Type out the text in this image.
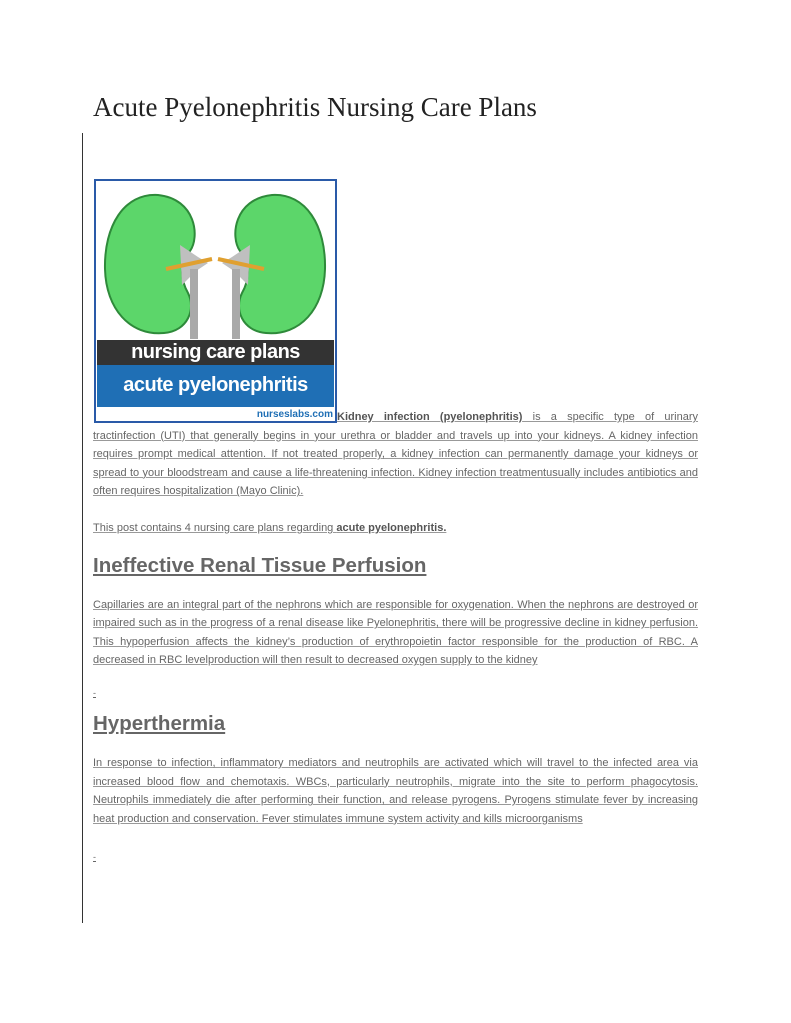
Acute Pyelonephritis Nursing Care Plans
nursing care plans
acute pyelonephritis
nurseslabs.com Kidney infection (pyelonephritis) is a specific type of urinary tractinfection (UTI) that generally begins in your urethra or bladder and travels up into your kidneys. A kidney infection requires prompt medical attention. If not treated properly, a kidney infection can permanently damage your kidneys or spread to your bloodstream and cause a life-threatening infection. Kidney infection treatmentusually includes antibiotics and often requires hospitalization (Mayo Clinic).

This post contains 4 nursing care plans regarding acute pyelonephritis.

Ineffective Renal Tissue Perfusion

Capillaries are an integral part of the nephrons which are responsible for oxygenation. When the nephrons are destroyed or impaired such as in the progress of a renal disease like Pyelonephritis, there will be progressive decline in kidney perfusion. This hypoperfusion affects the kidney’s production of erythropoietin factor responsible for the production of RBC. A decreased in RBC levelproduction will then result to decreased oxygen supply to the kidney

-
Hyperthermia

In response to infection, inflammatory mediators and neutrophils are activated which will travel to the infected area via increased blood flow and chemotaxis. WBCs, particularly neutrophils, migrate into the site to perform phagocytosis. Neutrophils immediately die after performing their function, and release pyrogens. Pyrogens stimulate fever by increasing heat production and conservation. Fever stimulates immune system activity and kills microorganisms

-
